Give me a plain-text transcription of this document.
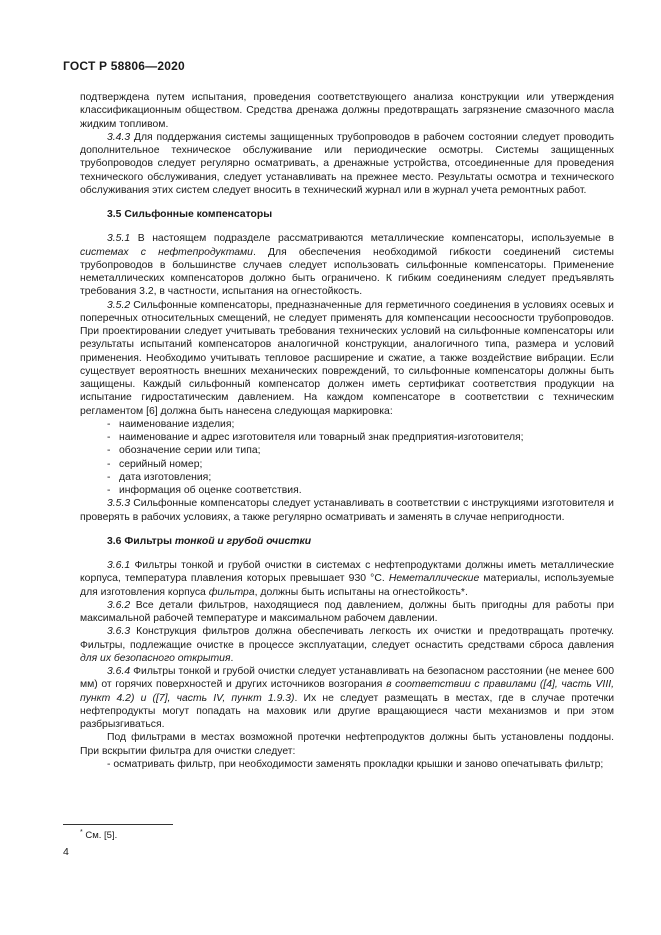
ГОСТ Р 58806—2020

подтверждена путем испытания, проведения соответствующего анализа конструкции или утверждения классификационным обществом. Средства дренажа должны предотвращать загрязнение смазочного масла жидким топливом.

3.4.3 Для поддержания системы защищенных трубопроводов в рабочем состоянии следует проводить дополнительное техническое обслуживание или периодические осмотры. Системы защищенных трубопроводов следует регулярно осматривать, а дренажные устройства, отсоединенные для проведения технического обслуживания, следует устанавливать на прежнее место. Результаты осмотра и технического обслуживания этих систем следует вносить в технический журнал или в журнал учета ремонтных работ.

3.5 Сильфонные компенсаторы

3.5.1 В настоящем подразделе рассматриваются металлические компенсаторы, используемые в системах с нефтепродуктами. Для обеспечения необходимой гибкости соединений системы трубопроводов в большинстве случаев следует использовать сильфонные компенсаторы. Применение неметаллических компенсаторов должно быть ограничено. К гибким соединениям следует предъявлять требования 3.2, в частности, испытания на огнестойкость.

3.5.2 Сильфонные компенсаторы, предназначенные для герметичного соединения в условиях осевых и поперечных относительных смещений, не следует применять для компенсации несоосности трубопроводов. При проектировании следует учитывать требования технических условий на сильфонные компенсаторы или результаты испытаний компенсаторов аналогичной конструкции, аналогичного типа, размера и условий применения. Необходимо учитывать тепловое расширение и сжатие, а также воздействие вибрации. Если существует вероятность внешних механических повреждений, то сильфонные компенсаторы должны быть защищены. Каждый сильфонный компенсатор должен иметь сертификат соответствия продукции на испытание гидростатическим давлением. На каждом компенсаторе в соответствии с техническим регламентом [6] должна быть нанесена следующая маркировка:

- наименование изделия;

- наименование и адрес изготовителя или товарный знак предприятия-изготовителя;

- обозначение серии или типа;

- серийный номер;

- дата изготовления;

- информация об оценке соответствия.

3.5.3 Сильфонные компенсаторы следует устанавливать в соответствии с инструкциями изготовителя и проверять в рабочих условиях, а также регулярно осматривать и заменять в случае непригодности.

3.6 Фильтры тонкой и грубой очистки

3.6.1 Фильтры тонкой и грубой очистки в системах с нефтепродуктами должны иметь металлические корпуса, температура плавления которых превышает 930 °С. Неметаллические материалы, используемые для изготовления корпуса фильтра, должны быть испытаны на огнестойкость*.

3.6.2 Все детали фильтров, находящиеся под давлением, должны быть пригодны для работы при максимальной рабочей температуре и максимальном рабочем давлении.

3.6.3 Конструкция фильтров должна обеспечивать легкость их очистки и предотвращать протечку. Фильтры, подлежащие очистке в процессе эксплуатации, следует оснастить средствами сброса давления для их безопасного открытия.

3.6.4 Фильтры тонкой и грубой очистки следует устанавливать на безопасном расстоянии (не менее 600 мм) от горячих поверхностей и других источников возгорания в соответствии с правилами ([4], часть VIII, пункт 4.2) и ([7], часть IV, пункт 1.9.3). Их не следует размещать в местах, где в случае протечки нефтепродукты могут попадать на маховик или другие вращающиеся части механизмов и при этом разбрызгиваться.

Под фильтрами в местах возможной протечки нефтепродуктов должны быть установлены поддоны. При вскрытии фильтра для очистки следует:

- осматривать фильтр, при необходимости заменять прокладки крышки и заново опечатывать фильтр;

* См. [5].
4
